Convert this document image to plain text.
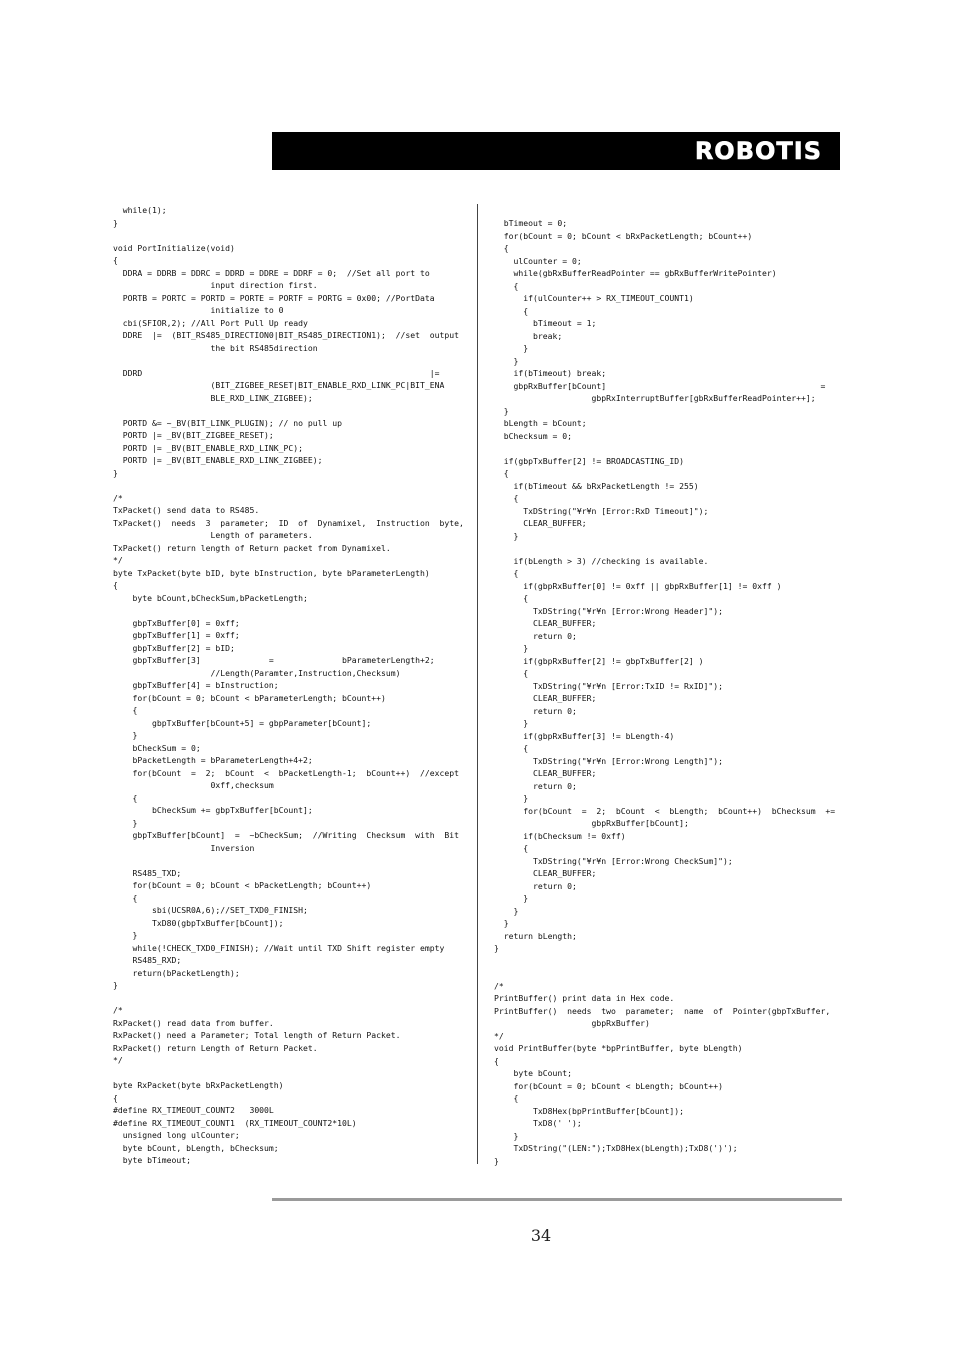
ROBOTIS
while(1);
}

void PortInitialize(void)
{
DDRA = DDRB = DDRC = DDRD = DDRE = DDRF = 0;  //Set all port to
input direction first.
PORTB = PORTC = PORTD = PORTE = PORTF = PORTG = 0x00; //PortData
initialize to 0
cbi(SFIOR,2); //All Port Pull Up ready
DDRE  |=  (BIT_RS485_DIRECTION0|BIT_RS485_DIRECTION1);  //set  output
the bit RS485direction

DDRD                                                           |=
(BIT_ZIGBEE_RESET|BIT_ENABLE_RXD_LINK_PC|BIT_ENA
BLE_RXD_LINK_ZIGBEE);

PORTD &= ~_BV(BIT_LINK_PLUGIN); // no pull up
PORTD |= _BV(BIT_ZIGBEE_RESET);
PORTD |= _BV(BIT_ENABLE_RXD_LINK_PC);
PORTD |= _BV(BIT_ENABLE_RXD_LINK_ZIGBEE);
}

/*
TxPacket() send data to RS485.
TxPacket()  needs  3  parameter;  ID  of  Dynamixel,  Instruction  byte,
Length of parameters.
TxPacket() return length of Return packet from Dynamixel.
*/
byte TxPacket(byte bID, byte bInstruction, byte bParameterLength)
{
byte bCount,bCheckSum,bPacketLength;

gbpTxBuffer[0] = 0xff;
gbpTxBuffer[1] = 0xff;
gbpTxBuffer[2] = bID;
gbpTxBuffer[3]              =              bParameterLength+2;
//Length(Paramter,Instruction,Checksum)
gbpTxBuffer[4] = bInstruction;
for(bCount = 0; bCount < bParameterLength; bCount++)
{
gbpTxBuffer[bCount+5] = gbpParameter[bCount];
}
bCheckSum = 0;
bPacketLength = bParameterLength+4+2;
for(bCount  =  2;  bCount  <  bPacketLength-1;  bCount++)  //except
0xff,checksum
{
bCheckSum += gbpTxBuffer[bCount];
}
gbpTxBuffer[bCount]  =  ~bCheckSum;  //Writing  Checksum  with  Bit
Inversion

RS485_TXD;
for(bCount = 0; bCount < bPacketLength; bCount++)
{
sbi(UCSR0A,6);//SET_TXD0_FINISH;
TxD80(gbpTxBuffer[bCount]);
}
while(!CHECK_TXD0_FINISH); //Wait until TXD Shift register empty
RS485_RXD;
return(bPacketLength);
}

/*
RxPacket() read data from buffer.
RxPacket() need a Parameter; Total length of Return Packet.
RxPacket() return Length of Return Packet.
*/

byte RxPacket(byte bRxPacketLength)
{
#define RX_TIMEOUT_COUNT2   3000L
#define RX_TIMEOUT_COUNT1  (RX_TIMEOUT_COUNT2*10L)
unsigned long ulCounter;
byte bCount, bLength, bChecksum;
byte bTimeout;
bTimeout = 0;
for(bCount = 0; bCount < bRxPacketLength; bCount++)
{
ulCounter = 0;
while(gbRxBufferReadPointer == gbRxBufferWritePointer)
{
if(ulCounter++ > RX_TIMEOUT_COUNT1)
{
bTimeout = 1;
break;
}
}
if(bTimeout) break;
gbpRxBuffer[bCount]                                            =
gbpRxInterruptBuffer[gbRxBufferReadPointer++];
}
bLength = bCount;
bChecksum = 0;

if(gbpTxBuffer[2] != BROADCASTING_ID)
{
if(bTimeout && bRxPacketLength != 255)
{
TxDString("¥r¥n [Error:RxD Timeout]");
CLEAR_BUFFER;
}

if(bLength > 3) //checking is available.
{
if(gbpRxBuffer[0] != 0xff || gbpRxBuffer[1] != 0xff )
{
TxDString("¥r¥n [Error:Wrong Header]");
CLEAR_BUFFER;
return 0;
}
if(gbpRxBuffer[2] != gbpTxBuffer[2] )
{
TxDString("¥r¥n [Error:TxID != RxID]");
CLEAR_BUFFER;
return 0;
}
if(gbpRxBuffer[3] != bLength-4)
{
TxDString("¥r¥n [Error:Wrong Length]");
CLEAR_BUFFER;
return 0;
}
for(bCount  =  2;  bCount  <  bLength;  bCount++)  bChecksum  +=
gbpRxBuffer[bCount];
if(bChecksum != 0xff)
{
TxDString("¥r¥n [Error:Wrong CheckSum]");
CLEAR_BUFFER;
return 0;
}
}
}
return bLength;
}

/*
PrintBuffer() print data in Hex code.
PrintBuffer()  needs  two  parameter;  name  of  Pointer(gbpTxBuffer,
gbpRxBuffer)
*/
void PrintBuffer(byte *bpPrintBuffer, byte bLength)
{
byte bCount;
for(bCount = 0; bCount < bLength; bCount++)
{
TxD8Hex(bpPrintBuffer[bCount]);
TxD8(' ');
}
TxDString("(LEN:");TxD8Hex(bLength);TxD8(')');
}
34
